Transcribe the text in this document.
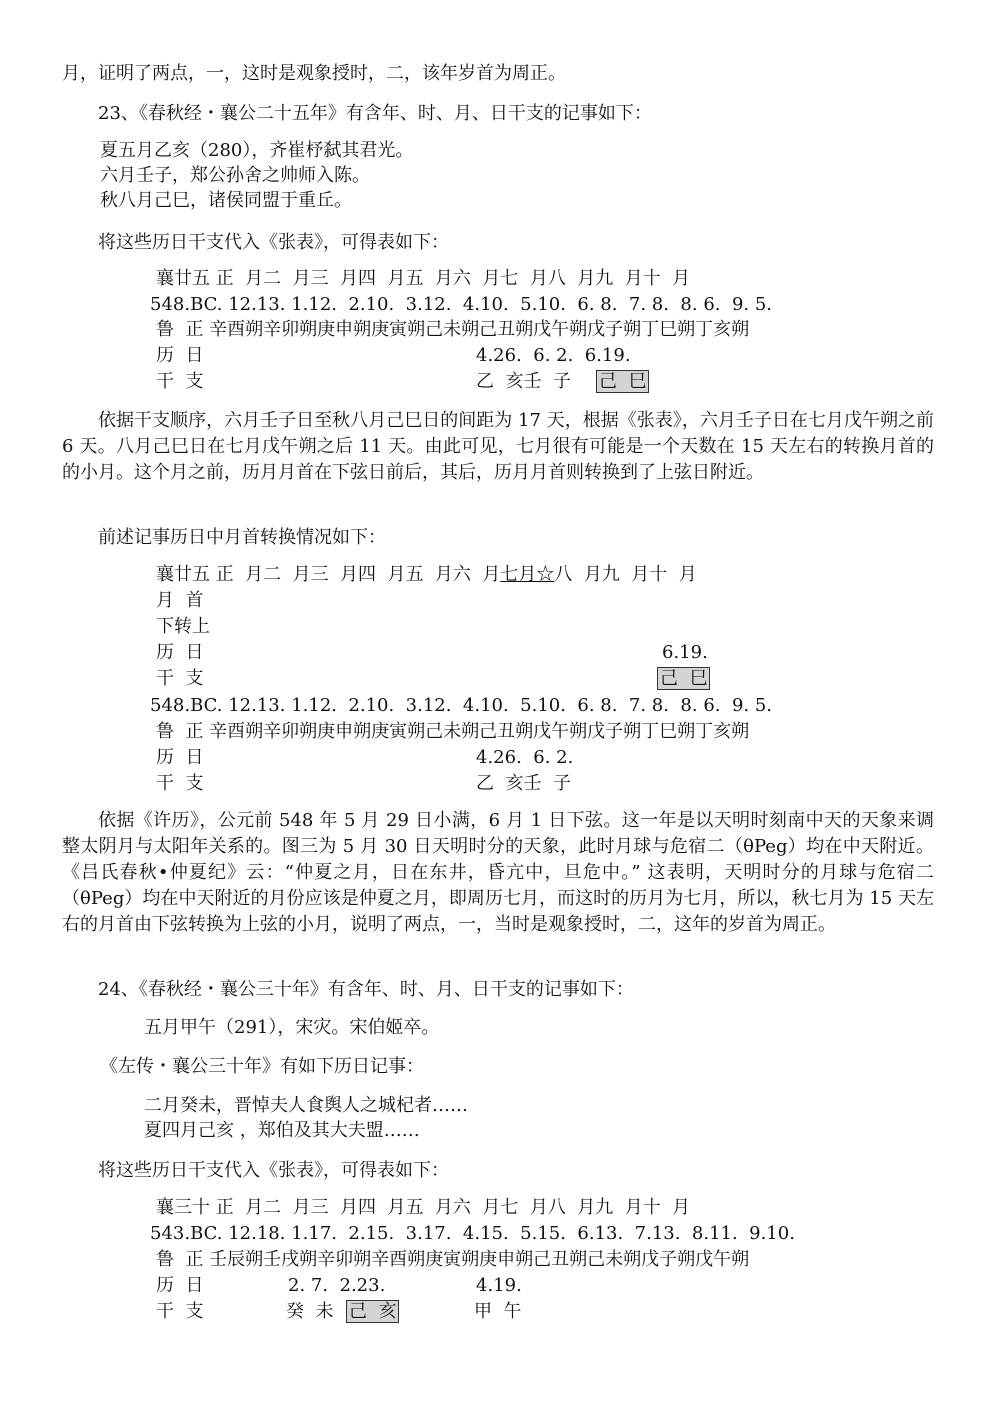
月，证明了两点，一，这时是观象授时，二，该年岁首为周正。
23、《春秋经・襄公二十五年》有含年、时、月、日干支的记事如下：
夏五月乙亥（280），齐崔杼弑其君光。
六月壬子，郑公孙舍之帅师入陈。
秋八月己巳，诸侯同盟于重丘。
将这些历日干支代入《张表》，可得表如下：
襄廿五 正  月二  月三  月四  月五  月六  月七  月八  月九  月十  月
548.BC. 12.13. 1.12.  2.10.  3.12.  4.10.  5.10.  6. 8.  7. 8.  8. 6.  9. 5.
鲁  正 辛酉朔辛卯朔庚申朔庚寅朔己未朔己丑朔戊午朔戊子朔丁巳朔丁亥朔
历  日	4.26.  6. 2.  6.19.
干  支	乙  亥壬  子 己  巳
依据干支顺序，六月壬子日至秋八月己巳日的间距为 17 天，根据《张表》，六月壬子日在七月戊午朔之前 6 天。八月己巳日在七月戊午朔之后 11 天。由此可见，七月很有可能是一个天数在 15 天左右的转换月首的的小月。这个月之前，历月月首在下弦日前后，其后，历月月首则转换到了上弦日附近。
前述记事历日中月首转换情况如下：
襄廿五 正  月二  月三  月四  月五  月六  月七月☆八  月九  月十  月
月  首
下转上
历  日	6.19.
干  支	己  巳
548.BC. 12.13. 1.12.  2.10.  3.12.  4.10.  5.10.  6. 8.  7. 8.  8. 6.  9. 5.
鲁  正 辛酉朔辛卯朔庚申朔庚寅朔己未朔己丑朔戊午朔戊子朔丁巳朔丁亥朔
历  日	4.26.  6. 2.
干  支	乙  亥壬  子
依据《许历》，公元前 548 年 5 月 29 日小满，6 月 1 日下弦。这一年是以天明时刻南中天的天象来调整太阴月与太阳年关系的。图三为 5 月 30 日天明时分的天象，此时月球与危宿二（θPeg）均在中天附近。《吕氏春秋•仲夏纪》云：“仲夏之月，日在东井，昏亢中，旦危中。” 这表明，天明时分的月球与危宿二（θPeg）均在中天附近的月份应该是仲夏之月，即周历七月，而这时的历月为七月，所以，秋七月为 15 天左右的月首由下弦转换为上弦的小月，说明了两点，一，当时是观象授时，二，这年的岁首为周正。
24、《春秋经・襄公三十年》有含年、时、月、日干支的记事如下：
五月甲午（291），宋灾。宋伯姬卒。
《左传・襄公三十年》有如下历日记事：
二月癸未，晋悼夫人食舆人之城杞者……
夏四月己亥 ，郑伯及其大夫盟……
将这些历日干支代入《张表》，可得表如下：
襄三十 正  月二  月三  月四  月五  月六  月七  月八  月九  月十  月
543.BC. 12.18. 1.17.  2.15.  3.17.  4.15.  5.15.  6.13.  7.13.  8.11.  9.10.
鲁  正 壬辰朔壬戌朔辛卯朔辛酉朔庚寅朔庚申朔己丑朔己未朔戊子朔戊午朔
历  日	2. 7.  2.23.	4.19.
干  支	癸  未 己  亥	甲  午
